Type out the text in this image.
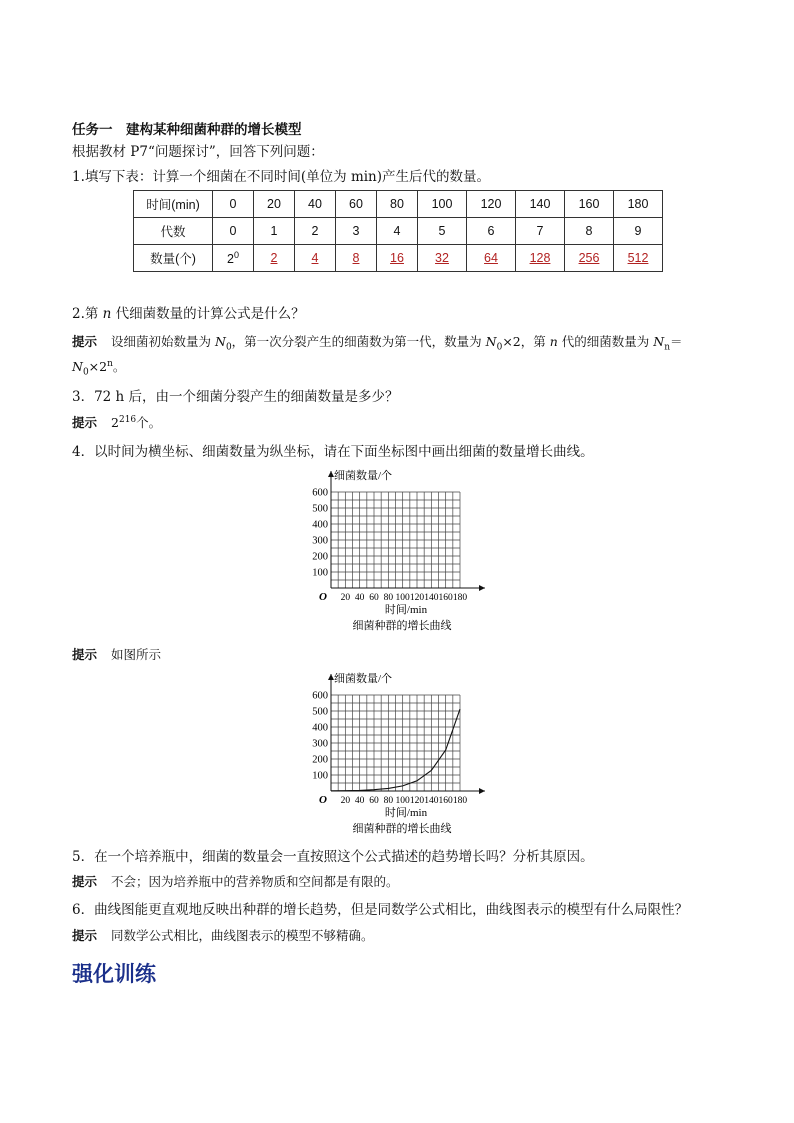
任务一　建构某种细菌种群的增长模型
根据教材 P7“问题探讨”，回答下列问题：
1.填写下表：计算一个细菌在不同时间(单位为 min)产生后代的数量。
时间(min)	0	20	40	60	80	100	120	140	160	180
代数	0	1	2	3	4	5	6	7	8	9
数量(个)	$2^0$	2	4	8	16	32	64	128	256	512
2.第 n 代细菌数量的计算公式是什么？
提示 设细菌初始数量为 $N_0$，第一次分裂产生的细菌数为第一代，数量为 $N_0\times 2$，第 n 代的细菌数量为 $N_n=$
$N_0\times 2^n$。
3．72 h 后，由一个细菌分裂产生的细菌数量是多少？
提示 $2^{216}$个。
4．以时间为横坐标、细菌数量为纵坐标，请在下面坐标图中画出细菌的数量增长曲线。
100
200
300
400
500
600
20 40 60 80 100 120 140 160 180
O
细菌数量/个
时间/min
细菌种群的增长曲线
提示 如图所示
100
200
300
400
500
600
20 40 60 80 100 120 140 160 180
O
细菌数量/个
时间/min
细菌种群的增长曲线
5．在一个培养瓶中，细菌的数量会一直按照这个公式描述的趋势增长吗？分析其原因。
提示 不会；因为培养瓶中的营养物质和空间都是有限的。
6．曲线图能更直观地反映出种群的增长趋势，但是同数学公式相比，曲线图表示的模型有什么局限性？
提示 同数学公式相比，曲线图表示的模型不够精确。
强化训练
